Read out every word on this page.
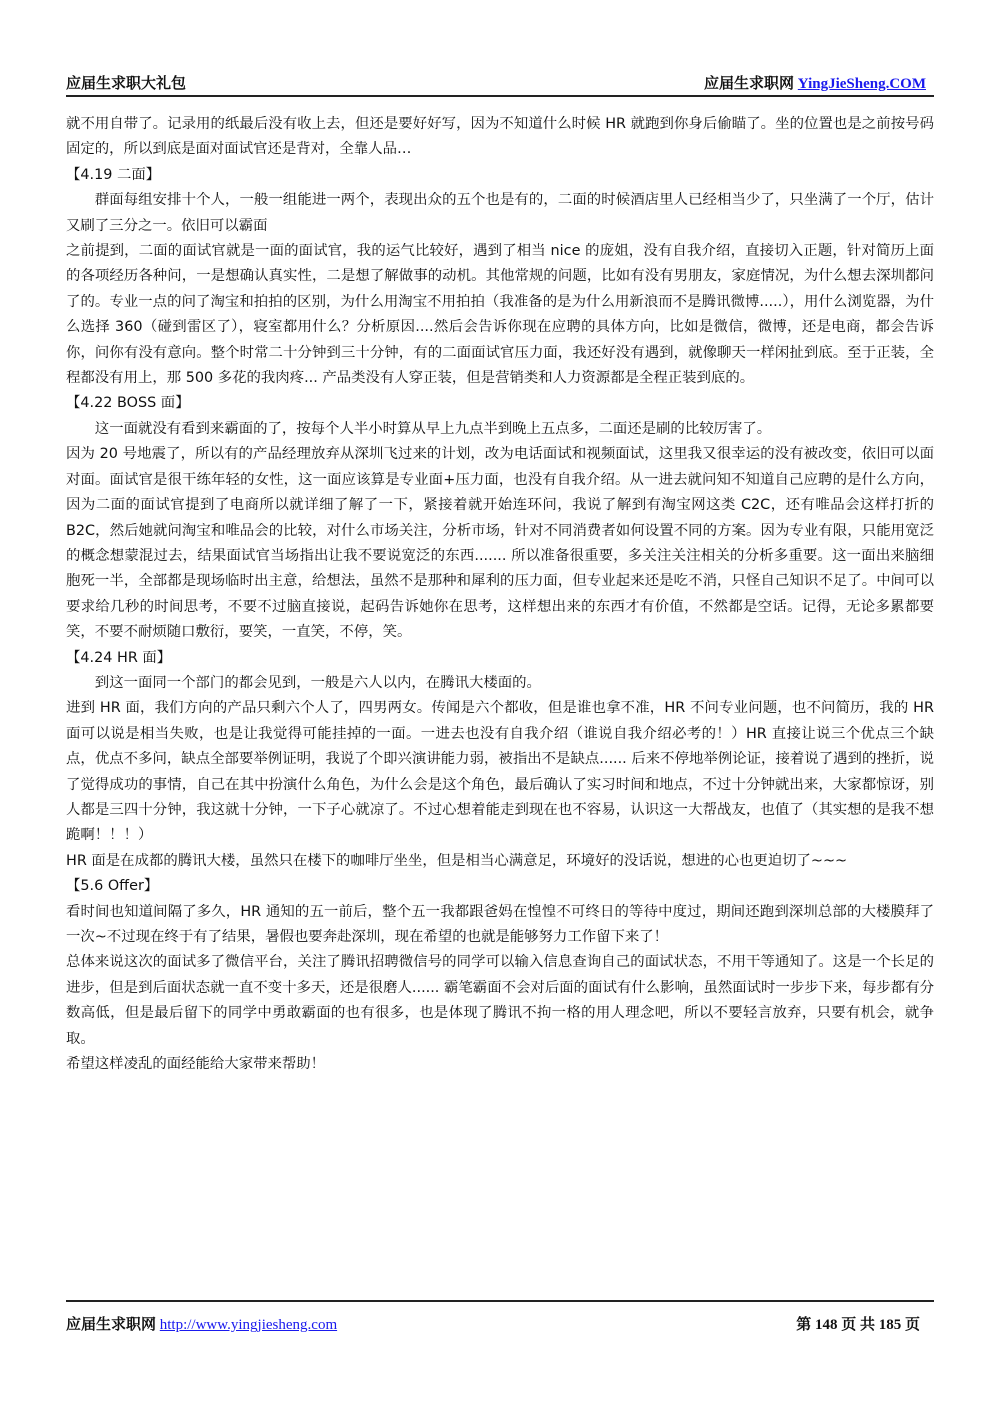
应届生求职大礼包	应届生求职网 YingJieSheng.COM

就不用自带了。记录用的纸最后没有收上去，但还是要好好写，因为不知道什么时候 HR 就跑到你身后偷瞄了。坐的位置也是之前按号码固定的，所以到底是面对面试官还是背对，全靠人品…

【4.19 二面】

群面每组安排十个人，一般一组能进一两个，表现出众的五个也是有的，二面的时候酒店里人已经相当少了，只坐满了一个厅，估计又刷了三分之一。依旧可以霸面

之前提到，二面的面试官就是一面的面试官，我的运气比较好，遇到了相当 nice 的庞姐，没有自我介绍，直接切入正题，针对简历上面的各项经历各种问，一是想确认真实性，二是想了解做事的动机。其他常规的问题，比如有没有男朋友，家庭情况，为什么想去深圳都问了的。专业一点的问了淘宝和拍拍的区别，为什么用淘宝不用拍拍（我准备的是为什么用新浪而不是腾讯微博.....），用什么浏览器，为什么选择 360（碰到雷区了），寝室都用什么？分析原因....然后会告诉你现在应聘的具体方向，比如是微信，微博，还是电商，都会告诉你，问你有没有意向。整个时常二十分钟到三十分钟，有的二面面试官压力面，我还好没有遇到，就像聊天一样闲扯到底。至于正装，全程都没有用上，那 500 多花的我肉疼... 产品类没有人穿正装，但是营销类和人力资源都是全程正装到底的。

【4.22 BOSS 面】

这一面就没有看到来霸面的了，按每个人半小时算从早上九点半到晚上五点多，二面还是刷的比较厉害了。

因为 20 号地震了，所以有的产品经理放弃从深圳飞过来的计划，改为电话面试和视频面试，这里我又很幸运的没有被改变，依旧可以面对面。面试官是很干练年轻的女性，这一面应该算是专业面+压力面，也没有自我介绍。从一进去就问知不知道自己应聘的是什么方向，因为二面的面试官提到了电商所以就详细了解了一下，紧接着就开始连环问，我说了解到有淘宝网这类 C2C，还有唯品会这样打折的 B2C，然后她就问淘宝和唯品会的比较，对什么市场关注，分析市场，针对不同消费者如何设置不同的方案。因为专业有限，只能用宽泛的概念想蒙混过去，结果面试官当场指出让我不要说宽泛的东西....... 所以准备很重要，多关注关注相关的分析多重要。这一面出来脑细胞死一半，全部都是现场临时出主意，给想法，虽然不是那种和犀利的压力面，但专业起来还是吃不消，只怪自己知识不足了。中间可以要求给几秒的时间思考，不要不过脑直接说，起码告诉她你在思考，这样想出来的东西才有价值，不然都是空话。记得，无论多累都要笑，不要不耐烦随口敷衍，要笑，一直笑，不停，笑。

【4.24 HR 面】

到这一面同一个部门的都会见到，一般是六人以内，在腾讯大楼面的。

进到 HR 面，我们方向的产品只剩六个人了，四男两女。传闻是六个都收，但是谁也拿不准，HR 不问专业问题，也不问简历，我的 HR 面可以说是相当失败，也是让我觉得可能挂掉的一面。一进去也没有自我介绍（谁说自我介绍必考的！）HR 直接让说三个优点三个缺点，优点不多问，缺点全部要举例证明，我说了个即兴演讲能力弱，被指出不是缺点...... 后来不停地举例论证，接着说了遇到的挫折，说了觉得成功的事情，自己在其中扮演什么角色，为什么会是这个角色，最后确认了实习时间和地点，不过十分钟就出来，大家都惊讶，别人都是三四十分钟，我这就十分钟，一下子心就凉了。不过心想着能走到现在也不容易，认识这一大帮战友，也值了（其实想的是我不想跪啊！！！）

HR 面是在成都的腾讯大楼，虽然只在楼下的咖啡厅坐坐，但是相当心满意足，环境好的没话说，想进的心也更迫切了~~~

【5.6 Offer】

看时间也知道间隔了多久，HR 通知的五一前后，整个五一我都跟爸妈在惶惶不可终日的等待中度过，期间还跑到深圳总部的大楼膜拜了一次~不过现在终于有了结果，暑假也要奔赴深圳，现在希望的也就是能够努力工作留下来了！

总体来说这次的面试多了微信平台，关注了腾讯招聘微信号的同学可以输入信息查询自己的面试状态，不用干等通知了。这是一个长足的进步，但是到后面状态就一直不变十多天，还是很磨人...... 霸笔霸面不会对后面的面试有什么影响，虽然面试时一步步下来，每步都有分数高低，但是最后留下的同学中勇敢霸面的也有很多，也是体现了腾讯不拘一格的用人理念吧，所以不要轻言放弃，只要有机会，就争取。

希望这样凌乱的面经能给大家带来帮助！

应届生求职网 http://www.yingjiesheng.com	第 148 页 共 185 页
